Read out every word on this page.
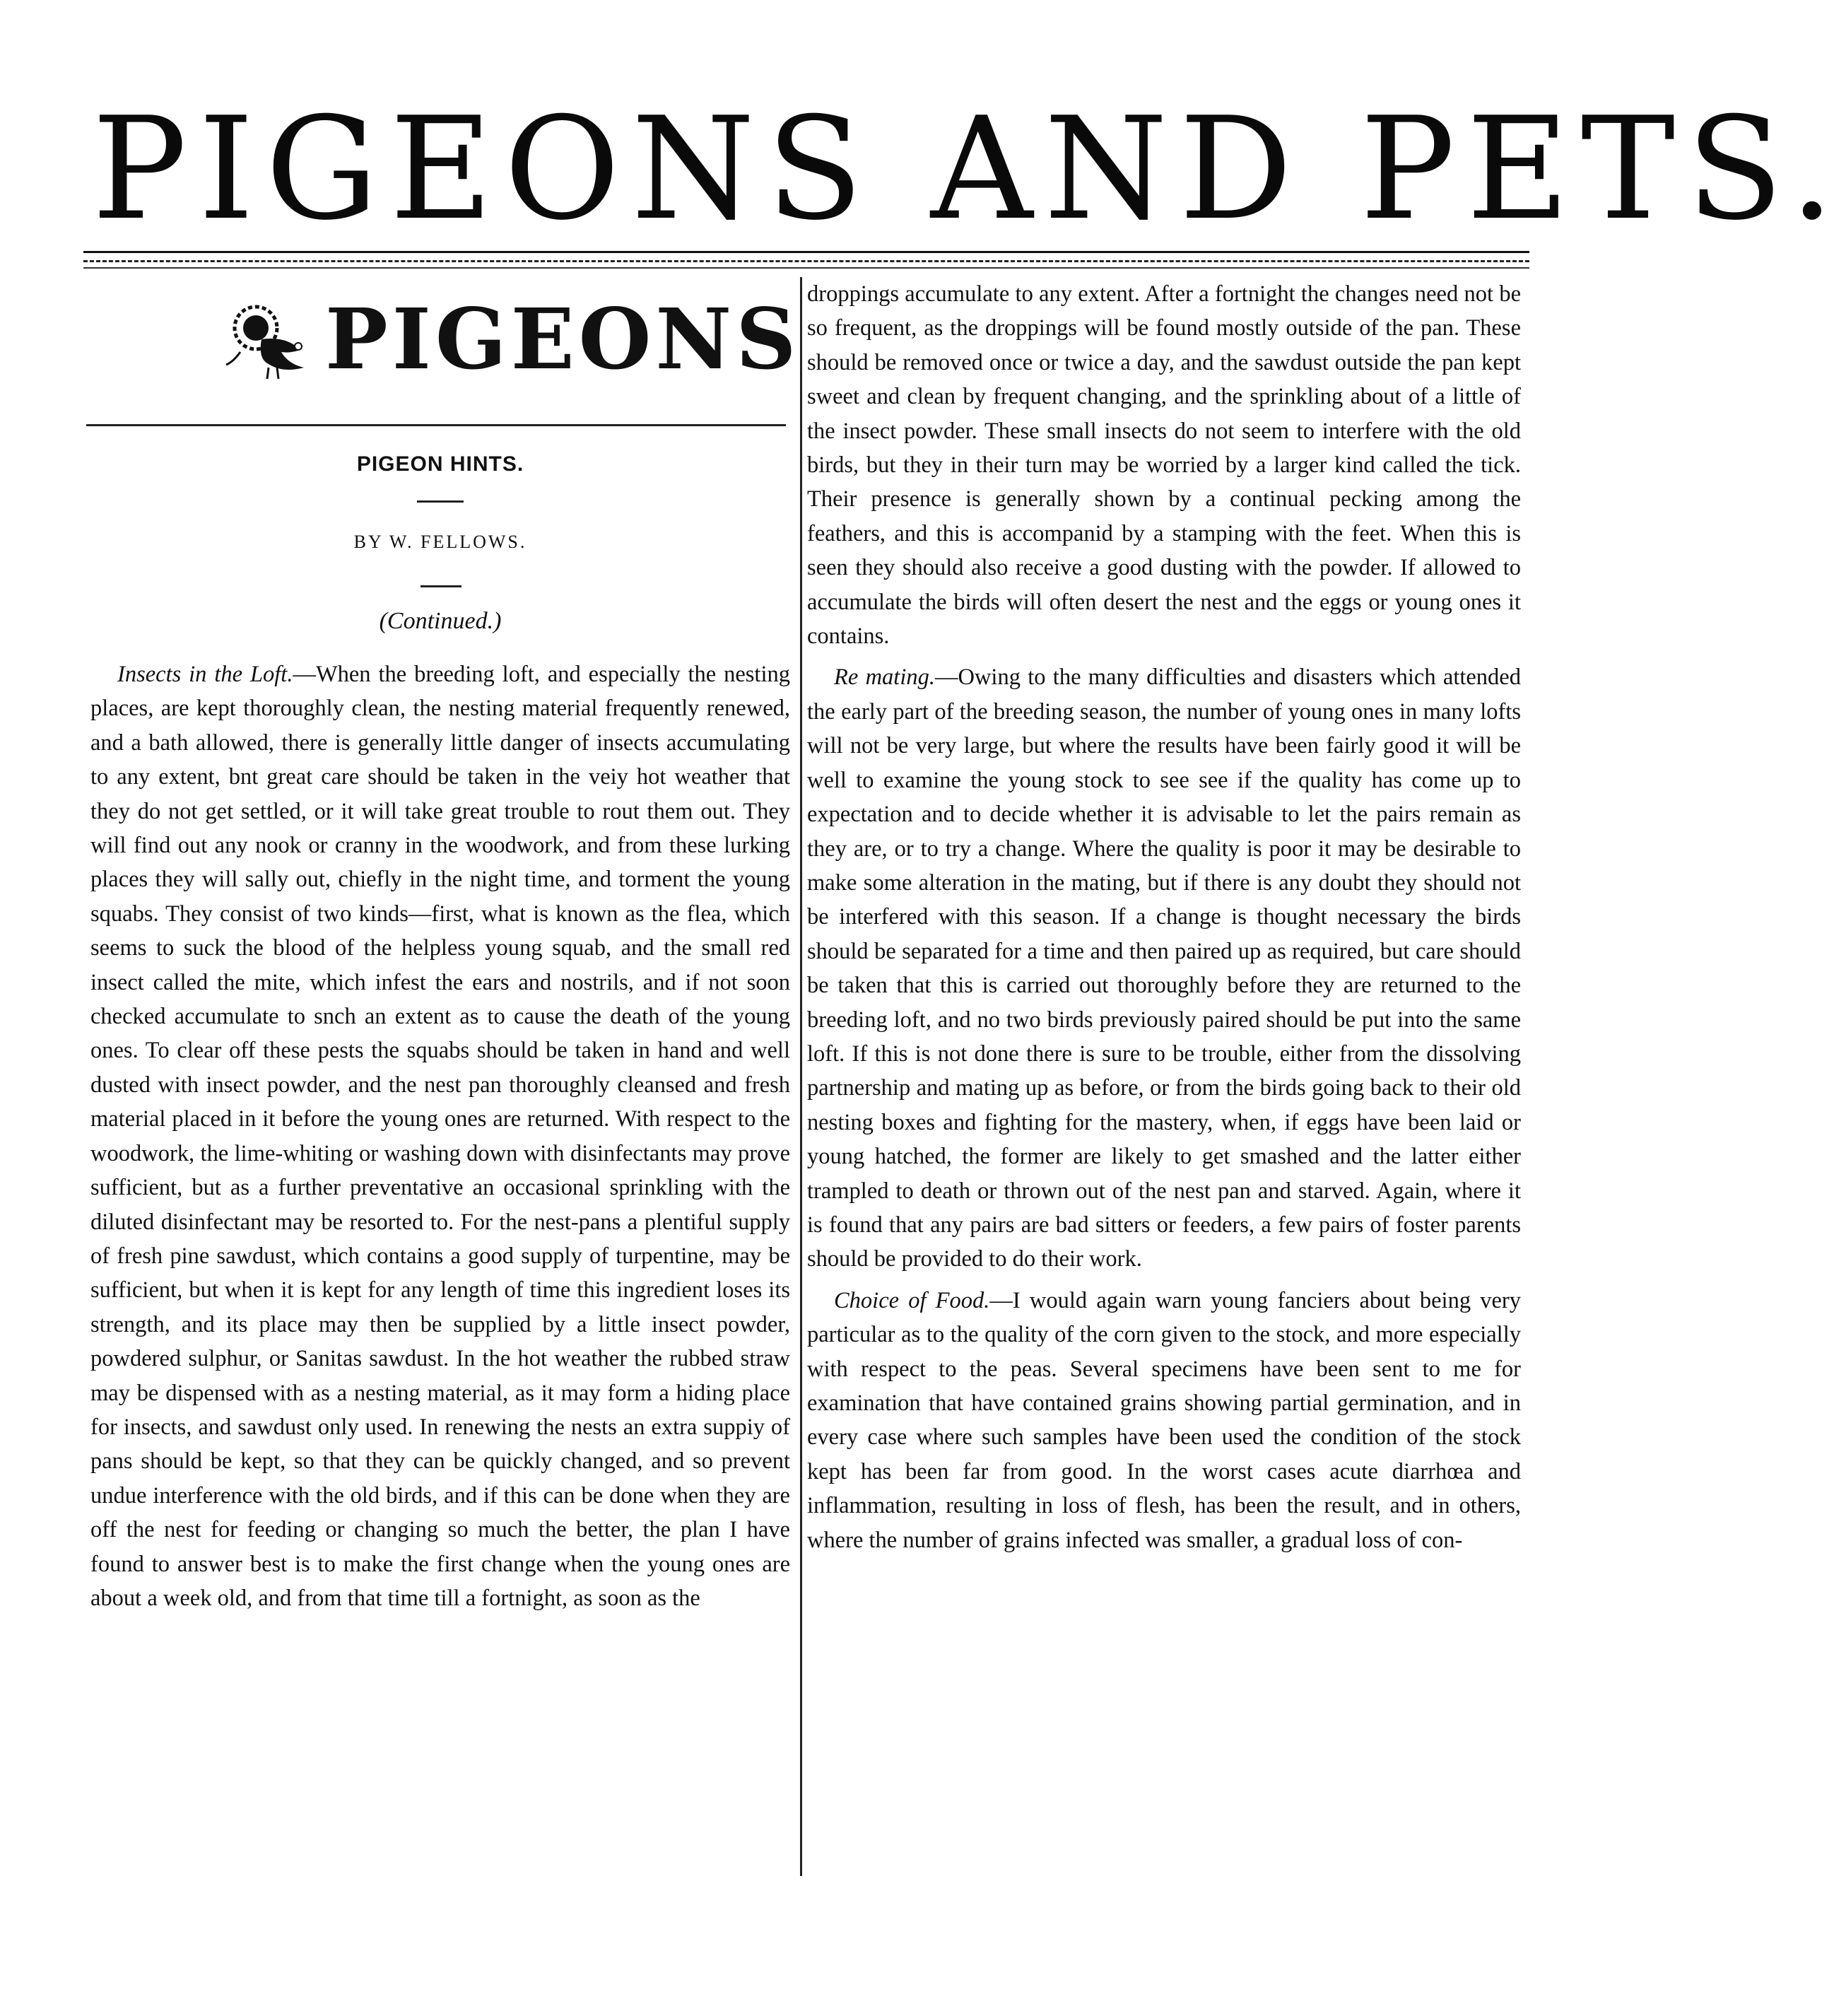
PIGEONS AND PETS.
PIGEONS
PIGEON HINTS.
BY W. FELLOWS.
(Continued.)

Insects in the Loft.—When the breeding loft, and especially the nesting places, are kept thoroughly clean, the nesting material frequently renewed, and a bath allowed, there is generally little danger of insects accumulating to any extent, bnt great care should be taken in the veiy hot weather that they do not get settled, or it will take great trouble to rout them out. They will find out any nook or cranny in the woodwork, and from these lurking places they will sally out, chiefly in the night time, and torment the young squabs. They consist of two kinds—first, what is known as the flea, which seems to suck the blood of the helpless young squab, and the small red insect called the mite, which infest the ears and nostrils, and if not soon checked accumulate to snch an extent as to cause the death of the young ones. To clear off these pests the squabs should be taken in hand and well dusted with insect powder, and the nest pan thoroughly cleansed and fresh material placed in it before the young ones are returned. With respect to the woodwork, the lime-whiting or washing down with disinfectants may prove sufficient, but as a further preventative an occasional sprinkling with the diluted disinfectant may be resorted to. For the nest-pans a plentiful supply of fresh pine sawdust, which contains a good supply of turpentine, may be sufficient, but when it is kept for any length of time this ingredient loses its strength, and its place may then be supplied by a little insect powder, powdered sulphur, or Sanitas sawdust. In the hot weather the rubbed straw may be dispensed with as a nesting material, as it may form a hiding place for insects, and sawdust only used. In renewing the nests an extra suppiy of pans should be kept, so that they can be quickly changed, and so prevent undue interference with the old birds, and if this can be done when they are off the nest for feeding or changing so much the better, the plan I have found to answer best is to make the first change when the young ones are about a week old, and from that time till a fortnight, as soon as the

droppings accumulate to any extent. After a fortnight the changes need not be so frequent, as the droppings will be found mostly outside of the pan. These should be removed once or twice a day, and the sawdust outside the pan kept sweet and clean by frequent changing, and the sprinkling about of a little of the insect powder. These small insects do not seem to interfere with the old birds, but they in their turn may be worried by a larger kind called the tick. Their presence is generally shown by a continual pecking among the feathers, and this is accompanid by a stamping with the feet. When this is seen they should also receive a good dusting with the powder. If allowed to accumulate the birds will often desert the nest and the eggs or young ones it contains.

Re mating.—Owing to the many difficulties and disasters which attended the early part of the breeding season, the number of young ones in many lofts will not be very large, but where the results have been fairly good it will be well to examine the young stock to see see if the quality has come up to expectation and to decide whether it is advisable to let the pairs remain as they are, or to try a change. Where the quality is poor it may be desirable to make some alteration in the mating, but if there is any doubt they should not be interfered with this season. If a change is thought necessary the birds should be separated for a time and then paired up as required, but care should be taken that this is carried out thoroughly before they are returned to the breeding loft, and no two birds previously paired should be put into the same loft. If this is not done there is sure to be trouble, either from the dissolving partnership and mating up as before, or from the birds going back to their old nesting boxes and fighting for the mastery, when, if eggs have been laid or young hatched, the former are likely to get smashed and the latter either trampled to death or thrown out of the nest pan and starved. Again, where it is found that any pairs are bad sitters or feeders, a few pairs of foster parents should be provided to do their work.

Choice of Food.—I would again warn young fanciers about being very particular as to the quality of the corn given to the stock, and more especially with respect to the peas. Several specimens have been sent to me for examination that have contained grains showing partial germination, and in every case where such samples have been used the condition of the stock kept has been far from good. In the worst cases acute diarrhœa and inflammation, resulting in loss of flesh, has been the result, and in others, where the number of grains infected was smaller, a gradual loss of con-
